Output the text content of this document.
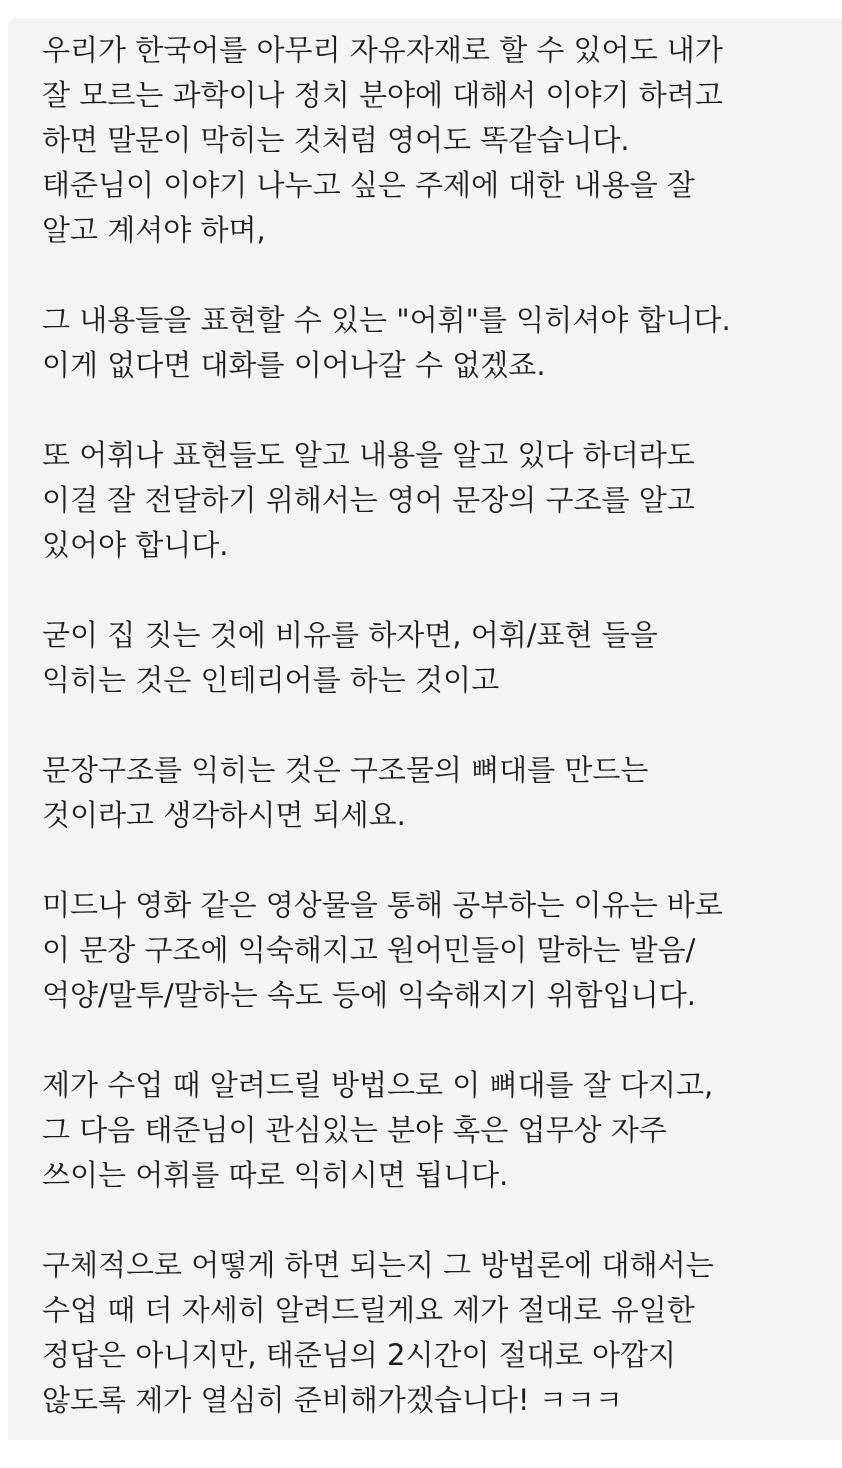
우리가 한국어를 아무리 자유자재로 할 수 있어도 내가
잘 모르는 과학이나 정치 분야에 대해서 이야기 하려고
하면 말문이 막히는 것처럼 영어도 똑같습니다.
태준님이 이야기 나누고 싶은 주제에 대한 내용을 잘
알고 계셔야 하며,

그 내용들을 표현할 수 있는 "어휘"를 익히셔야 합니다.
이게 없다면 대화를 이어나갈 수 없겠죠.

또 어휘나 표현들도 알고 내용을 알고 있다 하더라도
이걸 잘 전달하기 위해서는 영어 문장의 구조를 알고
있어야 합니다.

굳이 집 짓는 것에 비유를 하자면, 어휘/표현 들을
익히는 것은 인테리어를 하는 것이고

문장구조를 익히는 것은 구조물의 뼈대를 만드는
것이라고 생각하시면 되세요.

미드나 영화 같은 영상물을 통해 공부하는 이유는 바로
이 문장 구조에 익숙해지고 원어민들이 말하는 발음/
억양/말투/말하는 속도 등에 익숙해지기 위함입니다.

제가 수업 때 알려드릴 방법으로 이 뼈대를 잘 다지고,
그 다음 태준님이 관심있는 분야 혹은 업무상 자주
쓰이는 어휘를 따로 익히시면 됩니다.

구체적으로 어떻게 하면 되는지 그 방법론에 대해서는
수업 때 더 자세히 알려드릴게요 제가 절대로 유일한
정답은 아니지만, 태준님의 2시간이 절대로 아깝지
않도록 제가 열심히 준비해가겠습니다! ㅋㅋㅋ
